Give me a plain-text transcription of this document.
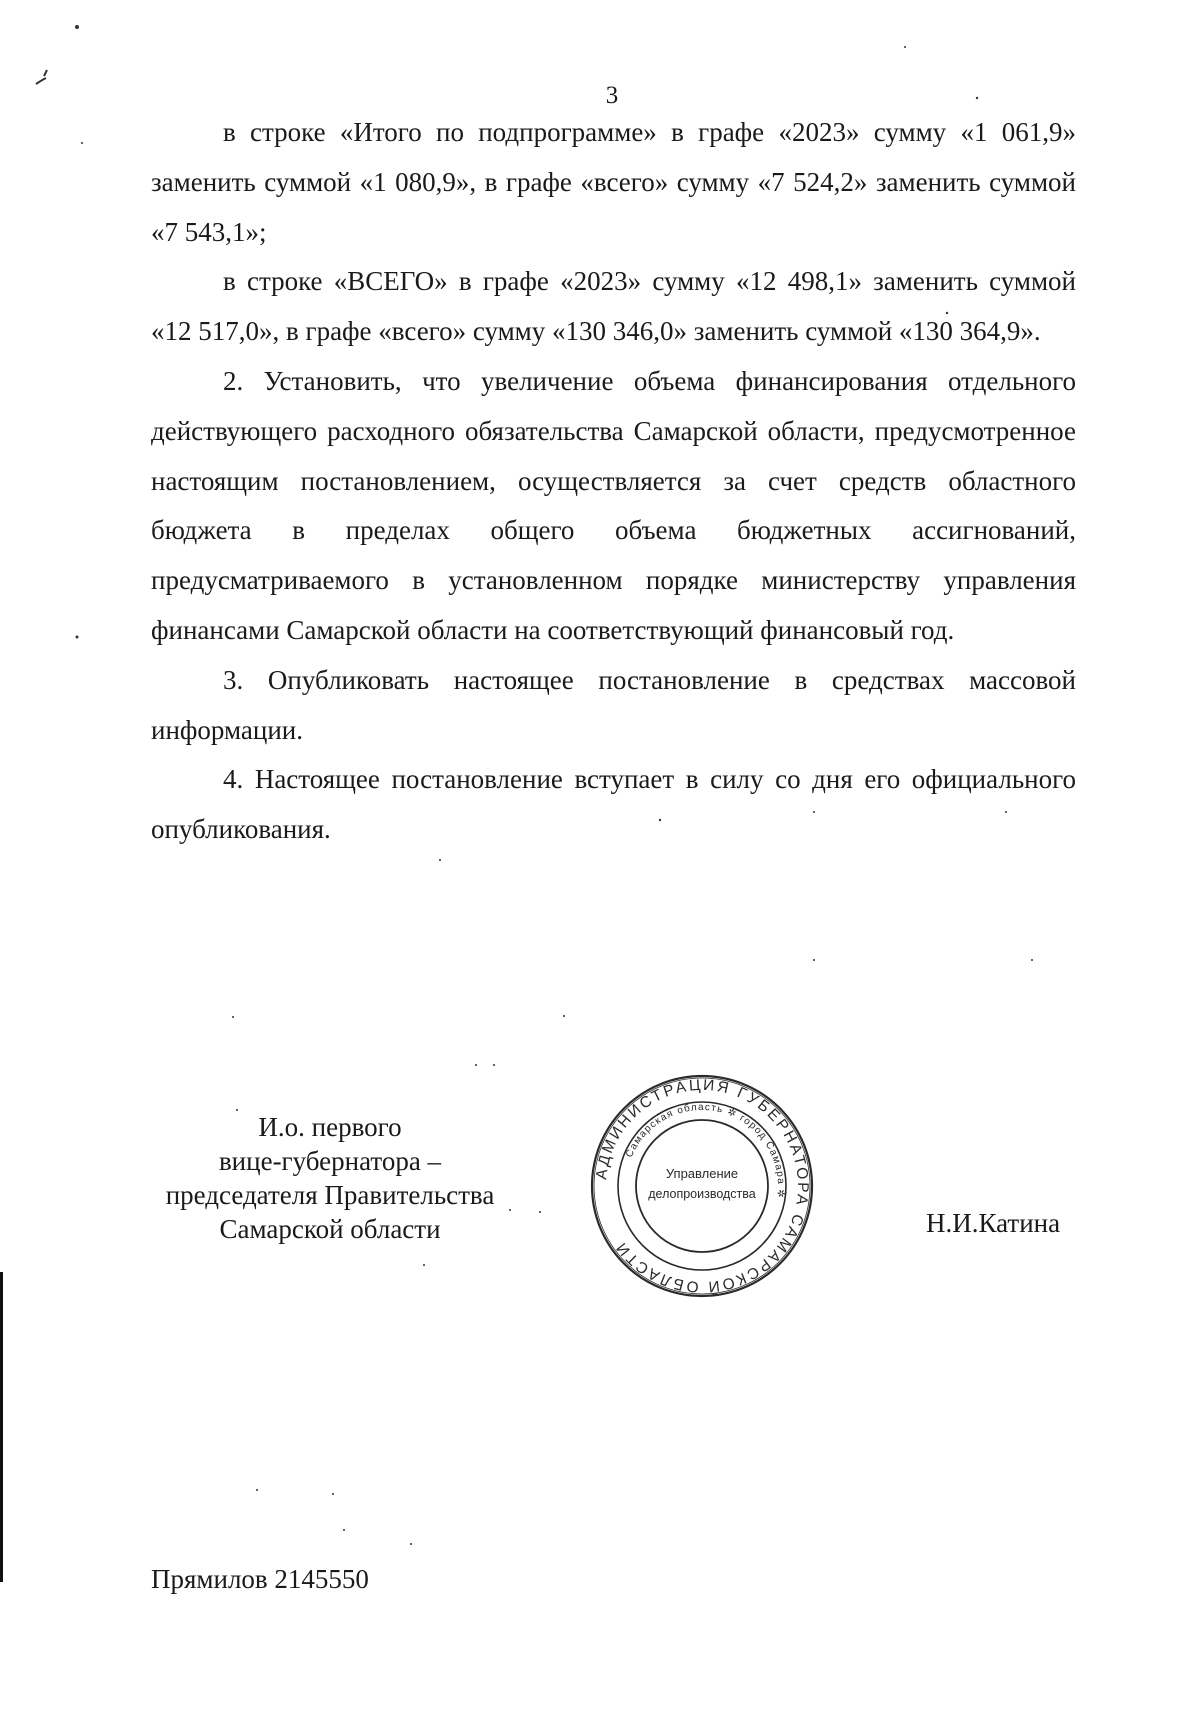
3

в строке «Итого по подпрограмме» в графе «2023» сумму «1 061,9» заменить суммой «1 080,9», в графе «всего» сумму «7 524,2» заменить суммой «7 543,1»;

в строке «ВСЕГО» в графе «2023» сумму «12 498,1» заменить суммой «12 517,0», в графе «всего» сумму «130 346,0» заменить суммой «130 364,9».

2. Установить, что увеличение объема финансирования отдельного действующего расходного обязательства Самарской области, предусмотренное настоящим постановлением, осуществляется за счет средств областного бюджета в пределах общего объема бюджетных ассигнований, предусматриваемого в установленном порядке министерству управления финансами Самарской области на соответствующий финансовый год.

3. Опубликовать настоящее постановление в средствах массовой информации.

4. Настоящее постановление вступает в силу со дня его официального опубликования.

И.о. первого
вице-губернатора –
председателя Правительства
Самарской области
АДМИНИСТРАЦИЯ ГУБЕРНАТОРА САМАРСКОЙ ОБЛАСТИ
Самарская область ✲ город Самара ✲
Управление
делопроизводства
Н.И.Катина
Прямилов 2145550
